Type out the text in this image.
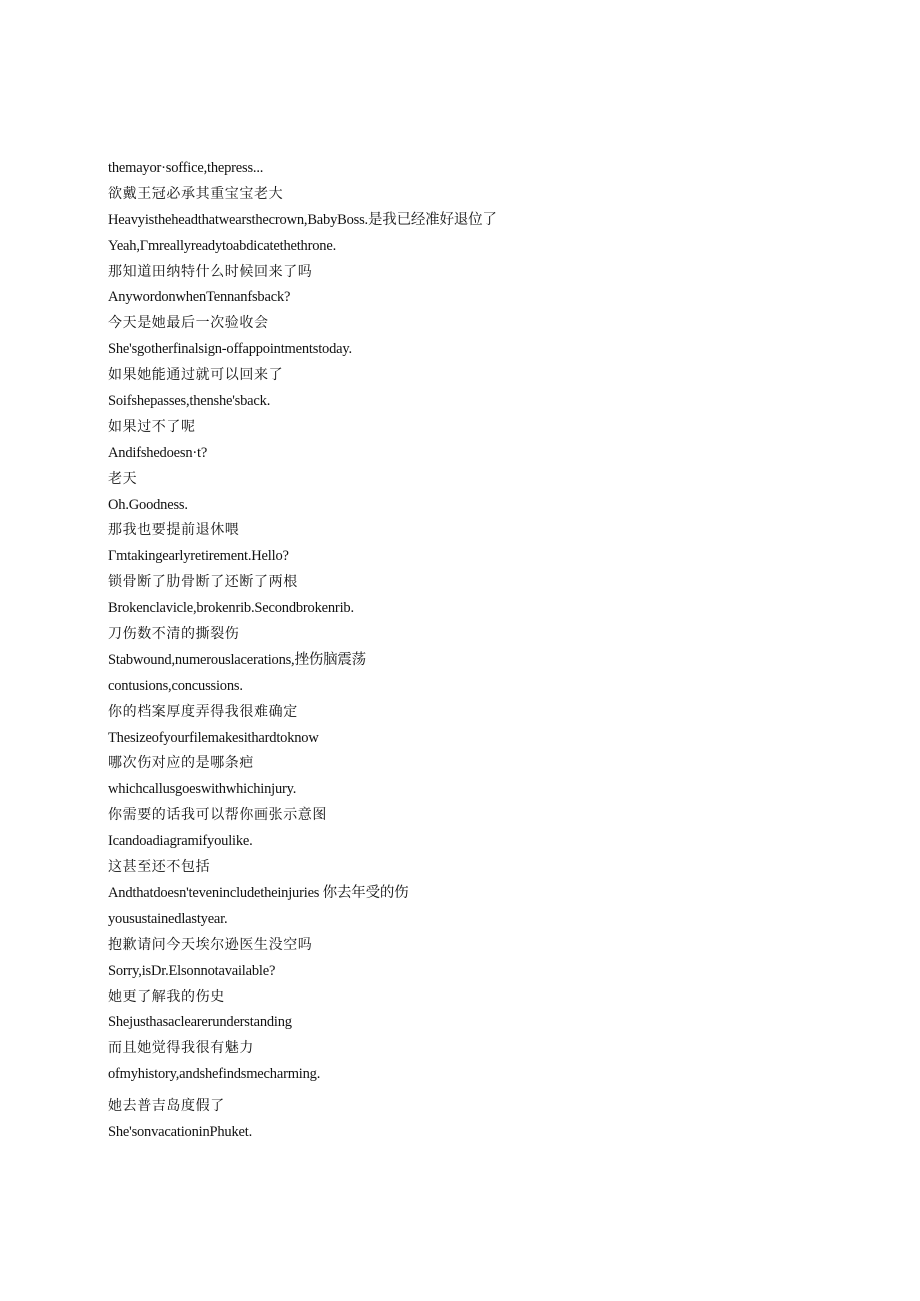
themayor·soffice,thepress...
欲戴王冠必承其重宝宝老大
Heavyistheheadthatwearsthecrown,BabyBoss.是我已经准好退位了
Yeah,Γmreallyreadytoabdicatethethrone.
那知道田纳特什么时候回来了吗
AnywordonwhenTennanfsback?
今天是她最后一次验收会
She'sgotherfinalsign-offappointmentstoday.
如果她能通过就可以回来了
Soifshepasses,thenshe'sback.
如果过不了呢
Andifshedoesn·t?
老天
Oh.Goodness.
那我也要提前退休喂
Γmtakingearlyretirement.Hello?
锁骨断了肋骨断了还断了两根
Brokenclavicle,brokenrib.Secondbrokenrib.
刀伤数不清的撕裂伤
Stabwound,numerouslacerations,挫伤脑震荡
contusions,concussions.
你的档案厚度弄得我很难确定
Thesizeofyourfilemakesithardtoknow
哪次伤对应的是哪条疤
whichcallusgoeswithwhichinjury.
你需要的话我可以帮你画张示意图
Icandoadiagramifyoulike.
这甚至还不包括
Andthatdoesn'tevenincludetheinjuries 你去年受的伤
yousustainedlastyear.
抱歉请问今天埃尔逊医生没空吗
Sorry,isDr.Elsonnotavailable?
她更了解我的伤史
Shejusthasaclearerunderstanding
而且她觉得我很有魅力
ofmyhistory,andshefindsmecharming.
她去普吉岛度假了
She'sonvacationinPhuket.
